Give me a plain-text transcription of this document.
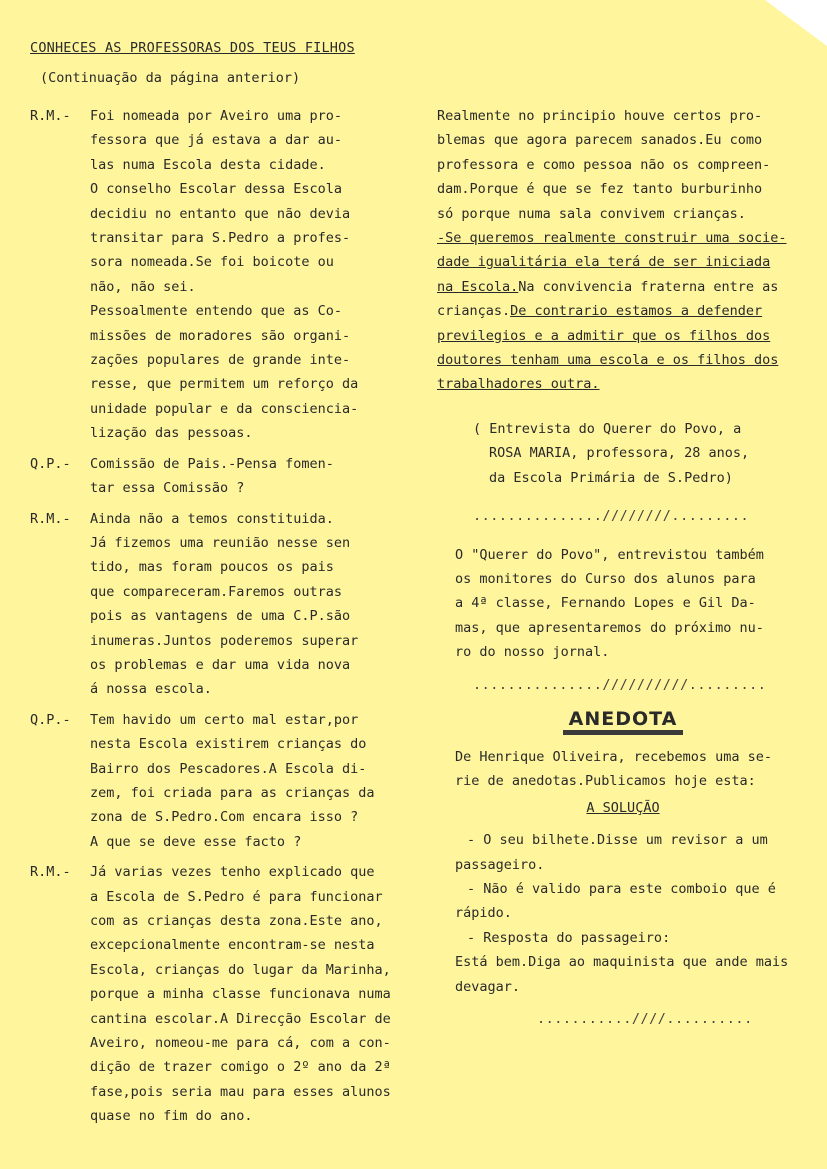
CONHECES AS PROFESSORAS DOS TEUS FILHOS
(Continuação da página anterior)
R.M.-	Foi nomeada por Aveiro uma pro-
fessora que já estava a dar au-
las numa Escola desta cidade.
O conselho Escolar dessa Escola
decidiu no entanto que não devia
transitar para S.Pedro a profes-
sora nomeada.Se foi boicote ou
não, não sei.
Pessoalmente entendo que as Co-
missões de moradores são organi-
zações populares de grande inte-
resse, que permitem um reforço da
unidade popular e da consciencia-
lização das pessoas.
Q.P.-	Comissão de Pais.-Pensa fomen-
tar essa Comissão ?
R.M.-	Ainda não a temos constituida.
Já fizemos uma reunião nesse sen
tido, mas foram poucos os pais
que compareceram.Faremos outras
pois as vantagens de uma C.P.são
inumeras.Juntos poderemos superar
os problemas e dar uma vida nova
á nossa escola.
Q.P.-	Tem havido um certo mal estar,por
nesta Escola existirem crianças do
Bairro dos Pescadores.A Escola di-
zem, foi criada para as crianças da
zona de S.Pedro.Com encara isso ?
A que se deve esse facto ?
R.M.-	Já varias vezes tenho explicado que
a Escola de S.Pedro é para funcionar
com as crianças desta zona.Este ano,
excepcionalmente encontram-se nesta
Escola, crianças do lugar da Marinha,
porque a minha classe funcionava numa
cantina escolar.A Direcção Escolar de
Aveiro, nomeou-me para cá, com a con-
dição de trazer comigo o 2º ano da 2ª
fase,pois seria mau para esses alunos
quase no fim do ano.
Realmente no principio houve certos pro-
blemas que agora parecem sanados.Eu como
professora e como pessoa não os compreen-
dam.Porque é que se fez tanto burburinho
só porque numa sala convivem crianças.
-Se queremos realmente construir uma socie-
dade igualitária ela terá de ser iniciada
na Escola.Na convivencia fraterna entre as
crianças.De contrario estamos a defender
previlegios e a admitir que os filhos dos
doutores tenham uma escola e os filhos dos
trabalhadores outra.
( Entrevista do Querer do Povo, a
ROSA MARIA, professora, 28 anos,
da Escola Primária de S.Pedro)
...............////////.........
O "Querer do Povo", entrevistou também
os monitores do Curso dos alunos para
a 4ª classe, Fernando Lopes e Gil Da-
mas, que apresentaremos do próximo nu-
ro do nosso jornal.
...............//////////.........
ANEDOTA
De Henrique Oliveira, recebemos uma se-
rie de anedotas.Publicamos hoje esta:
A SOLUÇÃO
- O seu bilhete.Disse um revisor a um
passageiro.
- Não é valido para este comboio que é
rápido.
- Resposta do passageiro:
Está bem.Diga ao maquinista que ande mais
devagar.
...........////..........
